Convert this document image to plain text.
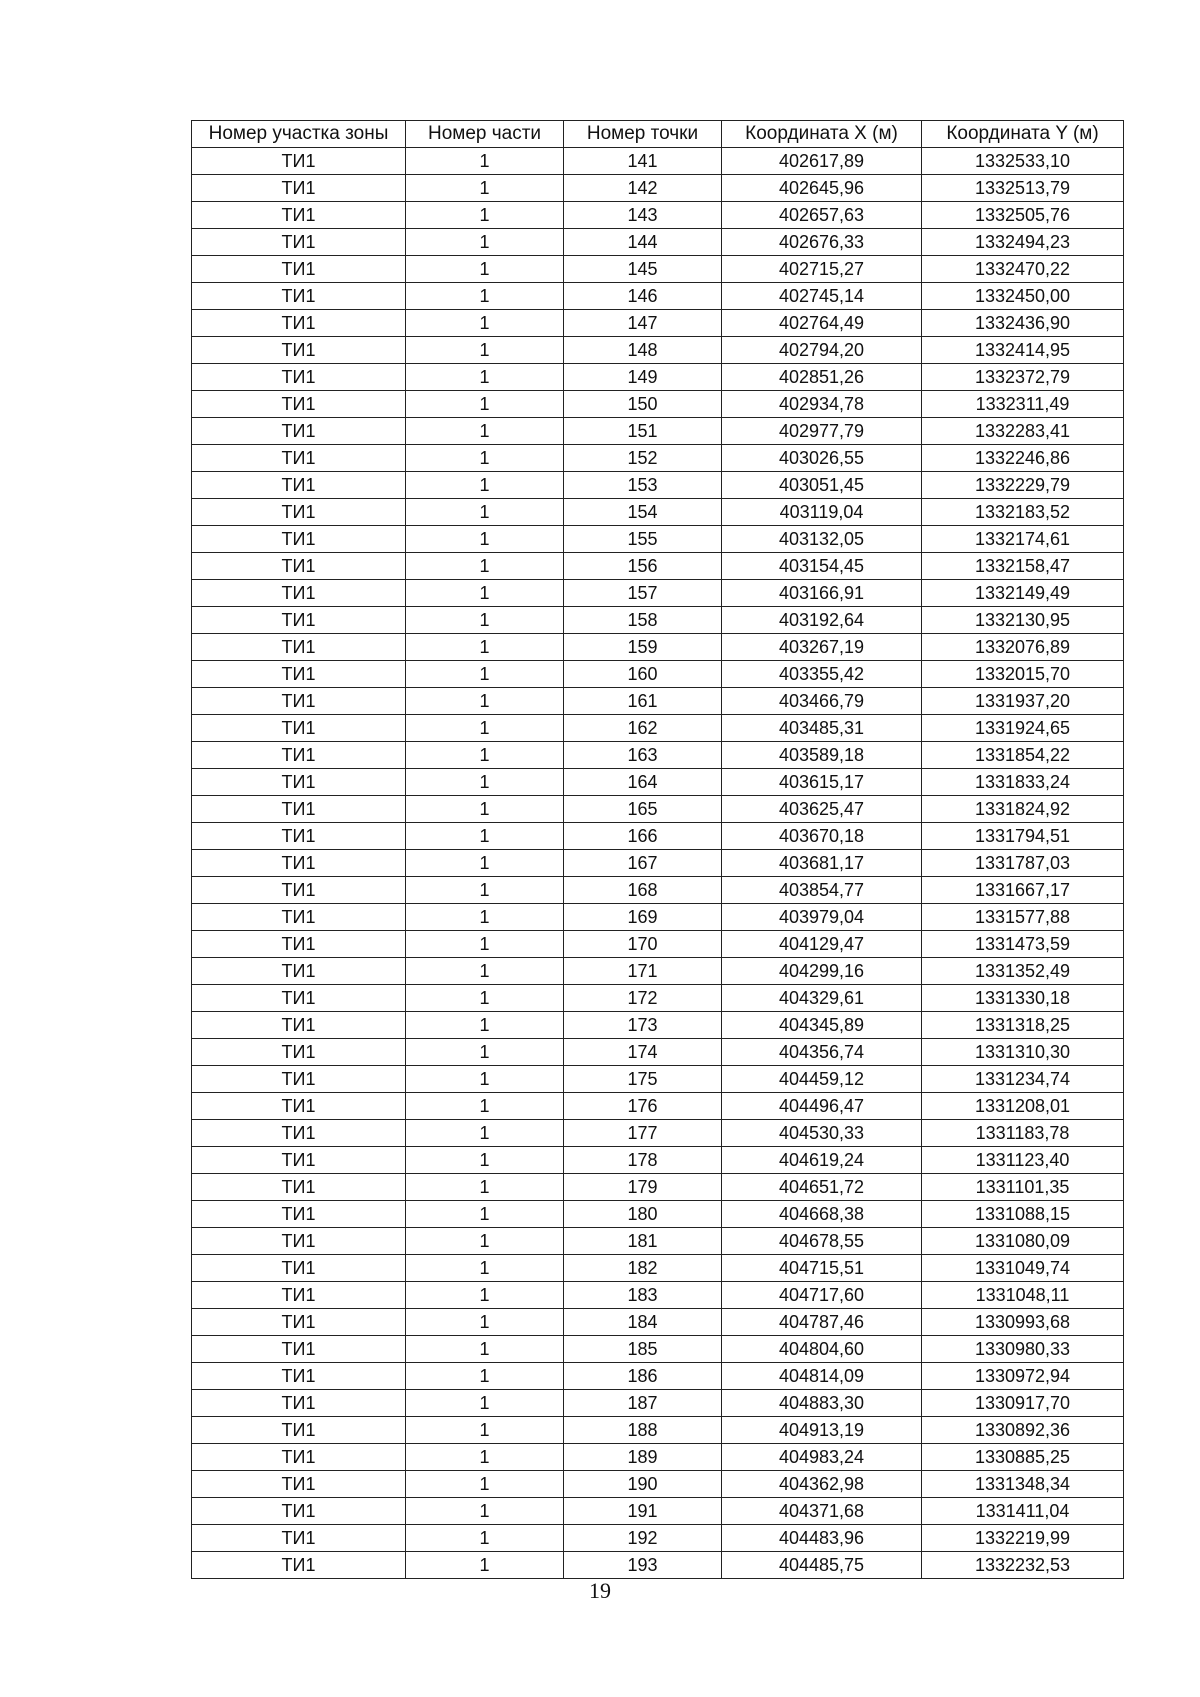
Номер участка зоны	Номер части	Номер точки	Координата X (м)	Координата Y (м)
ТИ1	1	141	402617,89	1332533,10
ТИ1	1	142	402645,96	1332513,79
ТИ1	1	143	402657,63	1332505,76
ТИ1	1	144	402676,33	1332494,23
ТИ1	1	145	402715,27	1332470,22
ТИ1	1	146	402745,14	1332450,00
ТИ1	1	147	402764,49	1332436,90
ТИ1	1	148	402794,20	1332414,95
ТИ1	1	149	402851,26	1332372,79
ТИ1	1	150	402934,78	1332311,49
ТИ1	1	151	402977,79	1332283,41
ТИ1	1	152	403026,55	1332246,86
ТИ1	1	153	403051,45	1332229,79
ТИ1	1	154	403119,04	1332183,52
ТИ1	1	155	403132,05	1332174,61
ТИ1	1	156	403154,45	1332158,47
ТИ1	1	157	403166,91	1332149,49
ТИ1	1	158	403192,64	1332130,95
ТИ1	1	159	403267,19	1332076,89
ТИ1	1	160	403355,42	1332015,70
ТИ1	1	161	403466,79	1331937,20
ТИ1	1	162	403485,31	1331924,65
ТИ1	1	163	403589,18	1331854,22
ТИ1	1	164	403615,17	1331833,24
ТИ1	1	165	403625,47	1331824,92
ТИ1	1	166	403670,18	1331794,51
ТИ1	1	167	403681,17	1331787,03
ТИ1	1	168	403854,77	1331667,17
ТИ1	1	169	403979,04	1331577,88
ТИ1	1	170	404129,47	1331473,59
ТИ1	1	171	404299,16	1331352,49
ТИ1	1	172	404329,61	1331330,18
ТИ1	1	173	404345,89	1331318,25
ТИ1	1	174	404356,74	1331310,30
ТИ1	1	175	404459,12	1331234,74
ТИ1	1	176	404496,47	1331208,01
ТИ1	1	177	404530,33	1331183,78
ТИ1	1	178	404619,24	1331123,40
ТИ1	1	179	404651,72	1331101,35
ТИ1	1	180	404668,38	1331088,15
ТИ1	1	181	404678,55	1331080,09
ТИ1	1	182	404715,51	1331049,74
ТИ1	1	183	404717,60	1331048,11
ТИ1	1	184	404787,46	1330993,68
ТИ1	1	185	404804,60	1330980,33
ТИ1	1	186	404814,09	1330972,94
ТИ1	1	187	404883,30	1330917,70
ТИ1	1	188	404913,19	1330892,36
ТИ1	1	189	404983,24	1330885,25
ТИ1	1	190	404362,98	1331348,34
ТИ1	1	191	404371,68	1331411,04
ТИ1	1	192	404483,96	1332219,99
ТИ1	1	193	404485,75	1332232,53
19
